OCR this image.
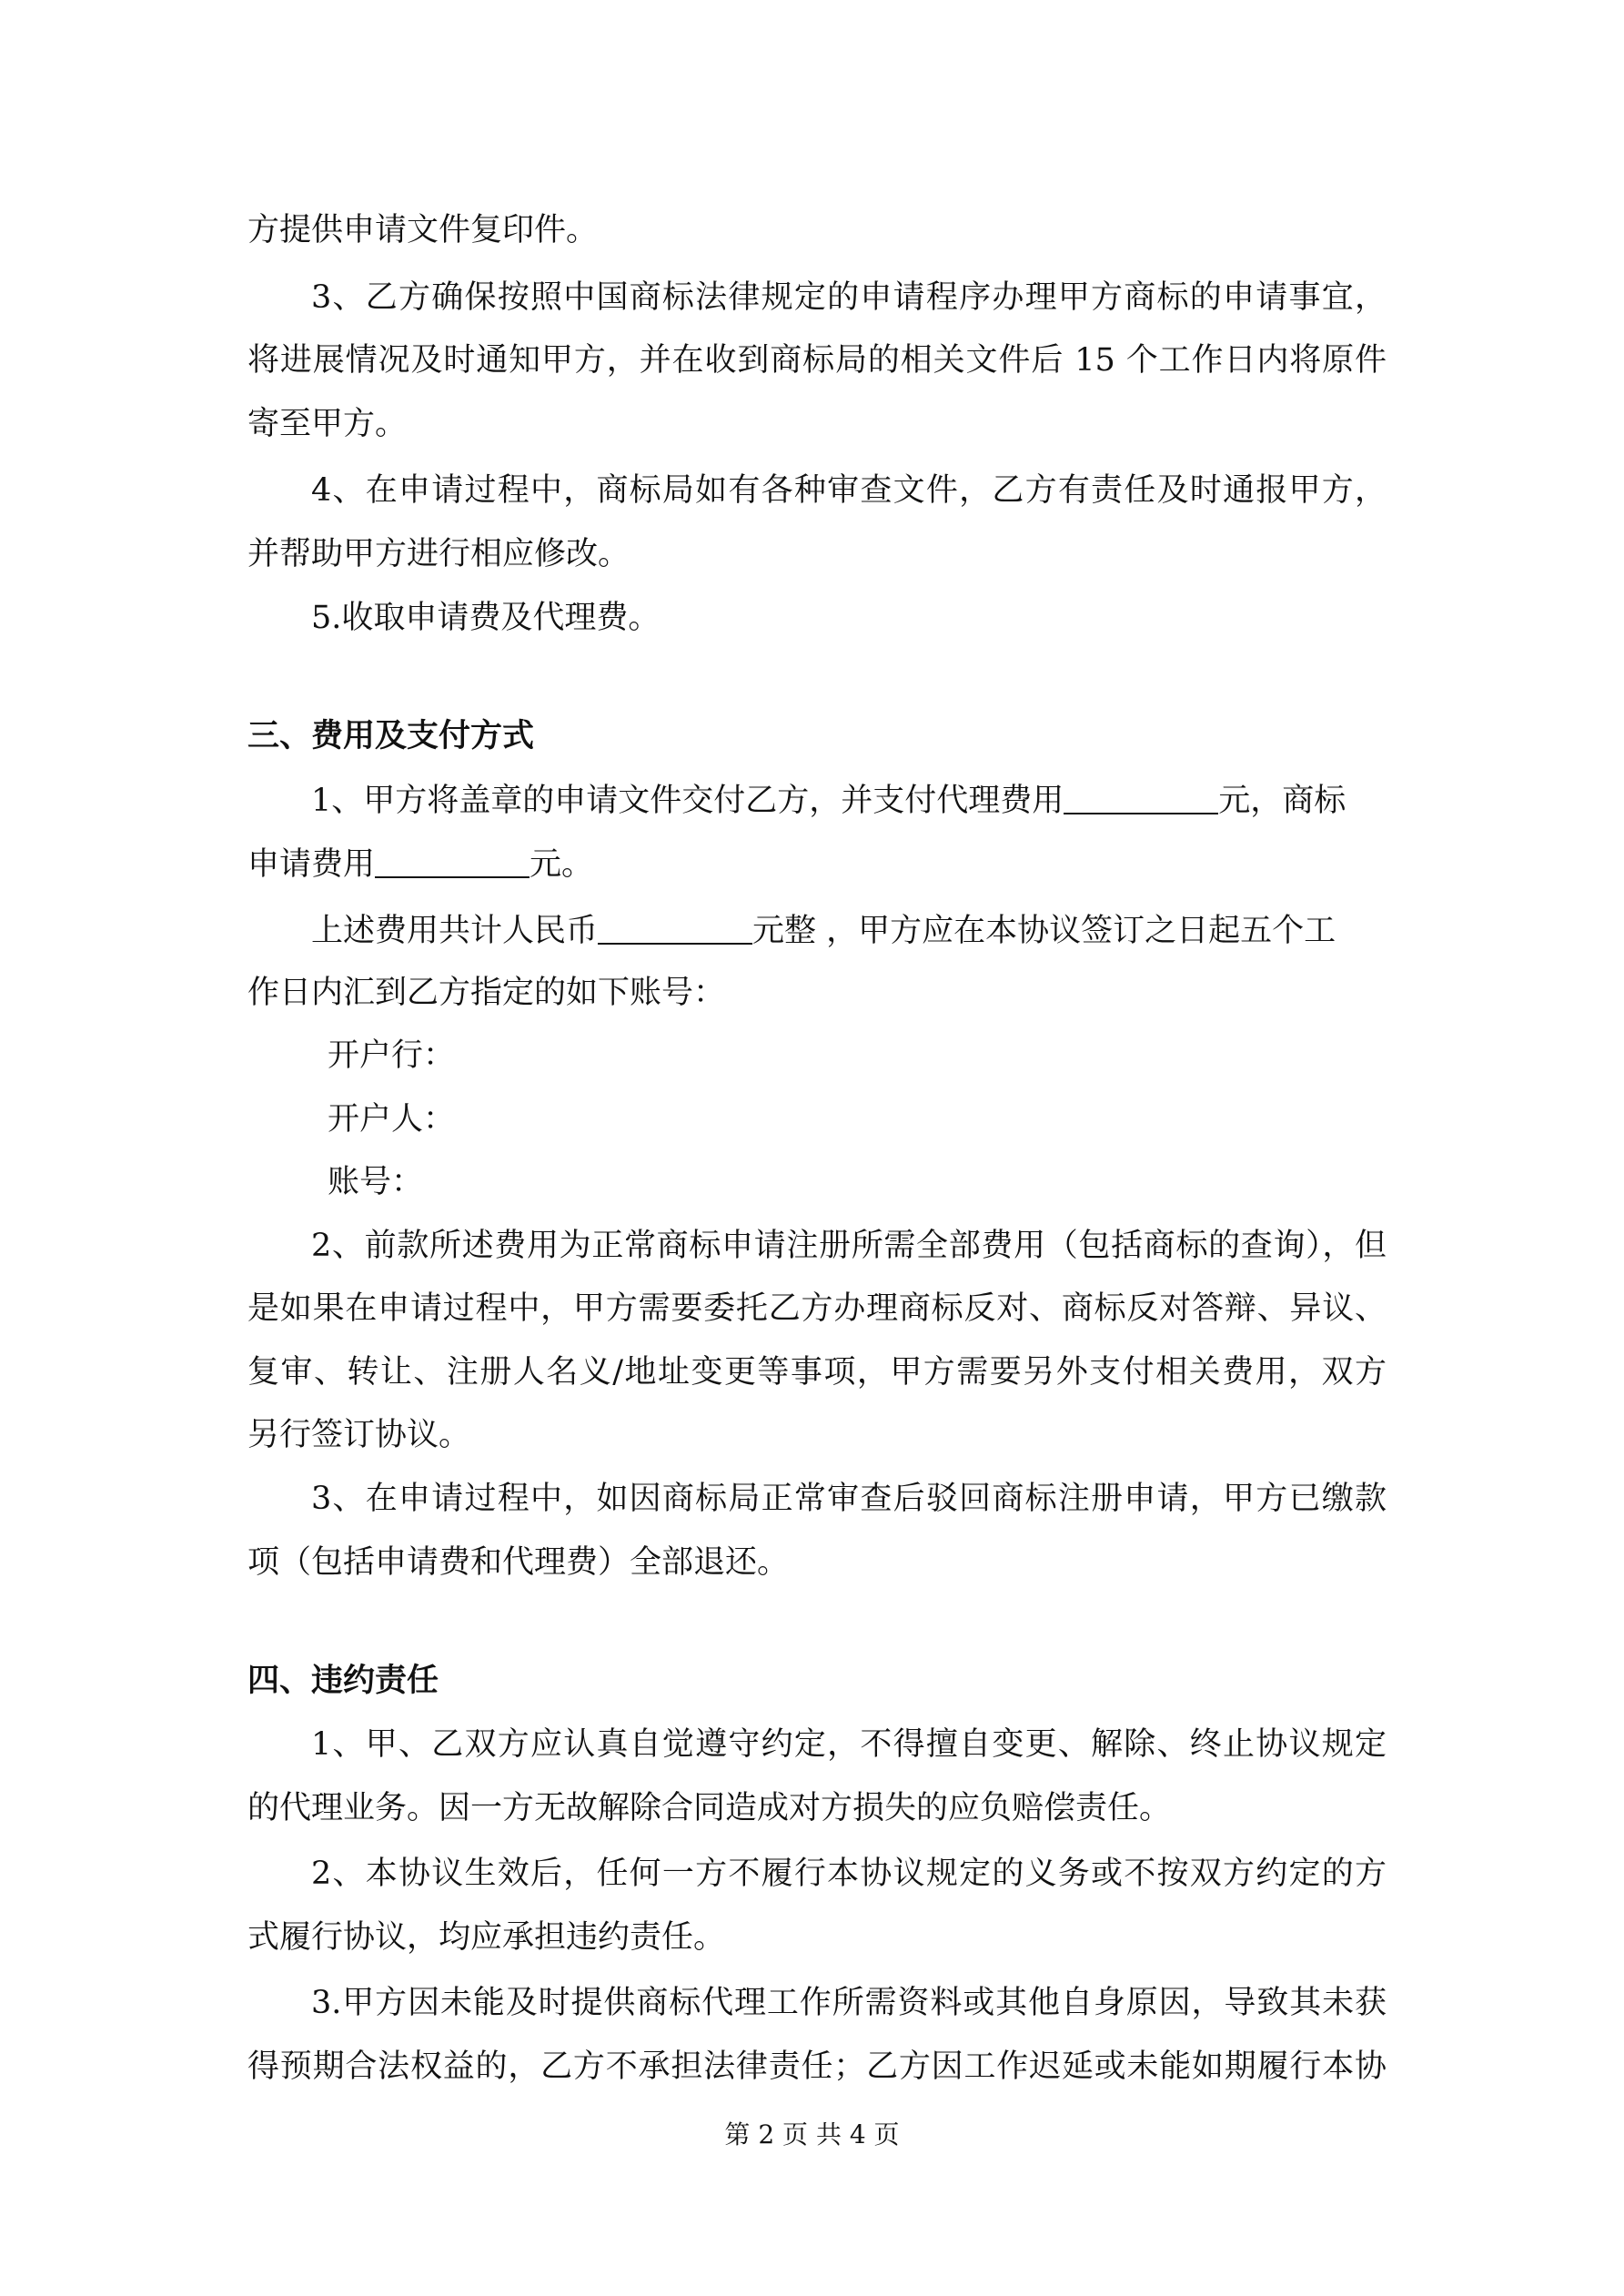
方提供申请文件复印件。
3、乙方确保按照中国商标法律规定的申请程序办理甲方商标的申请事宜，
将进展情况及时通知甲方，并在收到商标局的相关文件后 15 个工作日内将原件
寄至甲方。
4、在申请过程中，商标局如有各种审查文件，乙方有责任及时通报甲方，
并帮助甲方进行相应修改。
5.收取申请费及代理费。
三、费用及支付方式
1、甲方将盖章的申请文件交付乙方，并支付代理费用	元，商标
申请费用	元。
上述费用共计人民币	元整 ，甲方应在本协议签订之日起五个工
作日内汇到乙方指定的如下账号：
开户行：
开户人：
账号：
2、前款所述费用为正常商标申请注册所需全部费用（包括商标的查询），但
是如果在申请过程中，甲方需要委托乙方办理商标反对、商标反对答辩、异议、
复审、转让、注册人名义/地址变更等事项，甲方需要另外支付相关费用，双方
另行签订协议。
3、在申请过程中，如因商标局正常审查后驳回商标注册申请，甲方已缴款
项（包括申请费和代理费）全部退还。
四、违约责任
1、甲、乙双方应认真自觉遵守约定，不得擅自变更、解除、终止协议规定
的代理业务。因一方无故解除合同造成对方损失的应负赔偿责任。
2、本协议生效后，任何一方不履行本协议规定的义务或不按双方约定的方
式履行协议，均应承担违约责任。
3.甲方因未能及时提供商标代理工作所需资料或其他自身原因，导致其未获
得预期合法权益的，乙方不承担法律责任；乙方因工作迟延或未能如期履行本协
第 2 页 共 4 页
